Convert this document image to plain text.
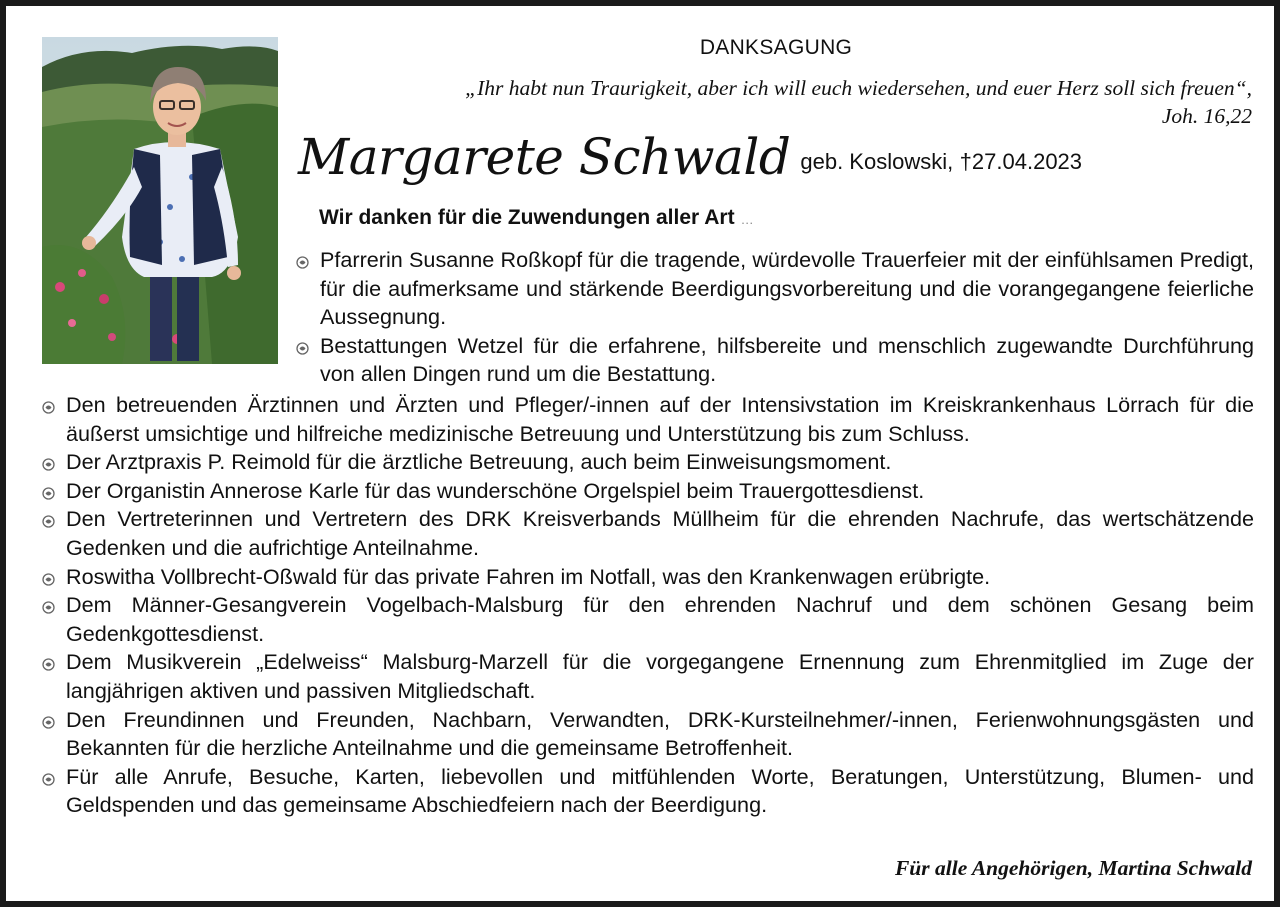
DANKSAGUNG
„Ihr habt nun Traurigkeit, aber ich will euch wiedersehen, und euer Herz soll sich freuen“,
Joh. 16,22
Margarete Schwald geb. Koslowski, †27.04.2023
Wir danken für die Zuwendungen aller Art …
Pfarrerin Susanne Roßkopf für die tragende, würdevolle Trauerfeier mit der einfühlsamen Predigt, für die aufmerksame und stärkende Beerdigungsvorbereitung und die vorangegangene feierliche Aussegnung.
Bestattungen Wetzel für die erfahrene, hilfsbereite und menschlich zugewandte Durchführung von allen Dingen rund um die Bestattung.
Den betreuenden Ärztinnen und Ärzten und Pfleger/-innen auf der Intensivstation im Kreiskrankenhaus Lörrach für die äußerst umsichtige und hilfreiche medizinische Betreuung und Unterstützung bis zum Schluss.
Der Arztpraxis P. Reimold für die ärztliche Betreuung, auch beim Einweisungsmoment.
Der Organistin Annerose Karle für das wunderschöne Orgelspiel beim Trauergottesdienst.
Den Vertreterinnen und Vertretern des DRK Kreisverbands Müllheim für die ehrenden Nachrufe, das wertschätzende Gedenken und die aufrichtige Anteilnahme.
Roswitha Vollbrecht-Oßwald für das private Fahren im Notfall, was den Krankenwagen erübrigte.
Dem Männer-Gesangverein Vogelbach-Malsburg für den ehrenden Nachruf und dem schönen Gesang beim Gedenkgottesdienst.
Dem Musikverein „Edelweiss“ Malsburg-Marzell für die vorgegangene Ernennung zum Ehrenmitglied im Zuge der langjährigen aktiven und passiven Mitgliedschaft.
Den Freundinnen und Freunden, Nachbarn, Verwandten, DRK-Kursteilnehmer/-innen, Ferienwohnungsgästen und Bekannten für die herzliche Anteilnahme und die gemeinsame Betroffenheit.
Für alle Anrufe, Besuche, Karten, liebevollen und mitfühlenden Worte, Beratungen, Unterstützung, Blumen- und Geldspenden und das gemeinsame Abschiedfeiern nach der Beerdigung.
Für alle Angehörigen, Martina Schwald
